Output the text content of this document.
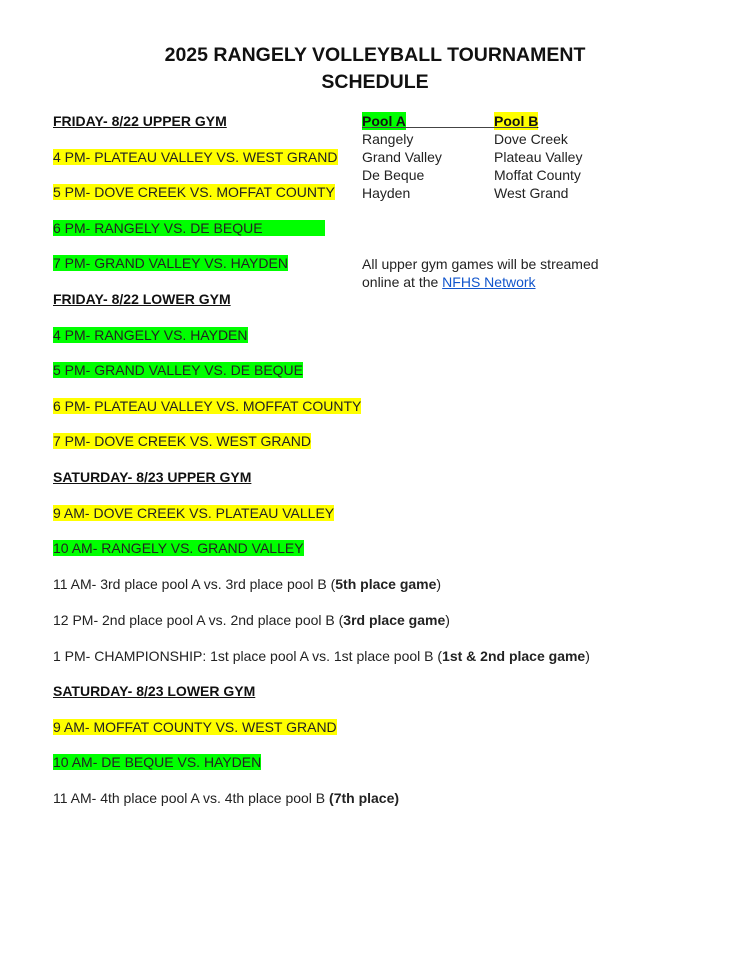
2025 RANGELY VOLLEYBALL TOURNAMENT
SCHEDULE
FRIDAY- 8/22 UPPER GYM
4 PM- PLATEAU VALLEY VS. WEST GRAND
5 PM- DOVE CREEK VS. MOFFAT COUNTY
6 PM- RANGELY VS. DE BEQUE
7 PM- GRAND VALLEY VS. HAYDEN
FRIDAY- 8/22 LOWER GYM
4 PM- RANGELY VS. HAYDEN
5 PM- GRAND VALLEY VS. DE BEQUE
6 PM- PLATEAU VALLEY VS. MOFFAT COUNTY
7 PM- DOVE CREEK VS. WEST GRAND
SATURDAY- 8/23 UPPER GYM
9 AM- DOVE CREEK VS. PLATEAU VALLEY
10 AM- RANGELY VS. GRAND VALLEY
11 AM- 3rd place pool A vs. 3rd place pool B (5th place game)
12 PM- 2nd place pool A vs. 2nd place pool B (3rd place game)
1 PM- CHAMPIONSHIP: 1st place pool A vs. 1st place pool B (1st & 2nd place game)
SATURDAY- 8/23 LOWER GYM
9 AM- MOFFAT COUNTY VS. WEST GRAND
10 AM- DE BEQUE VS. HAYDEN
11 AM- 4th place pool A vs. 4th place pool B (7th place)
Pool A
Rangely
Grand Valley
De Beque
Hayden
Pool B
Dove Creek
Plateau Valley
Moffat County
West Grand
All upper gym games will be streamed
online at the NFHS Network
